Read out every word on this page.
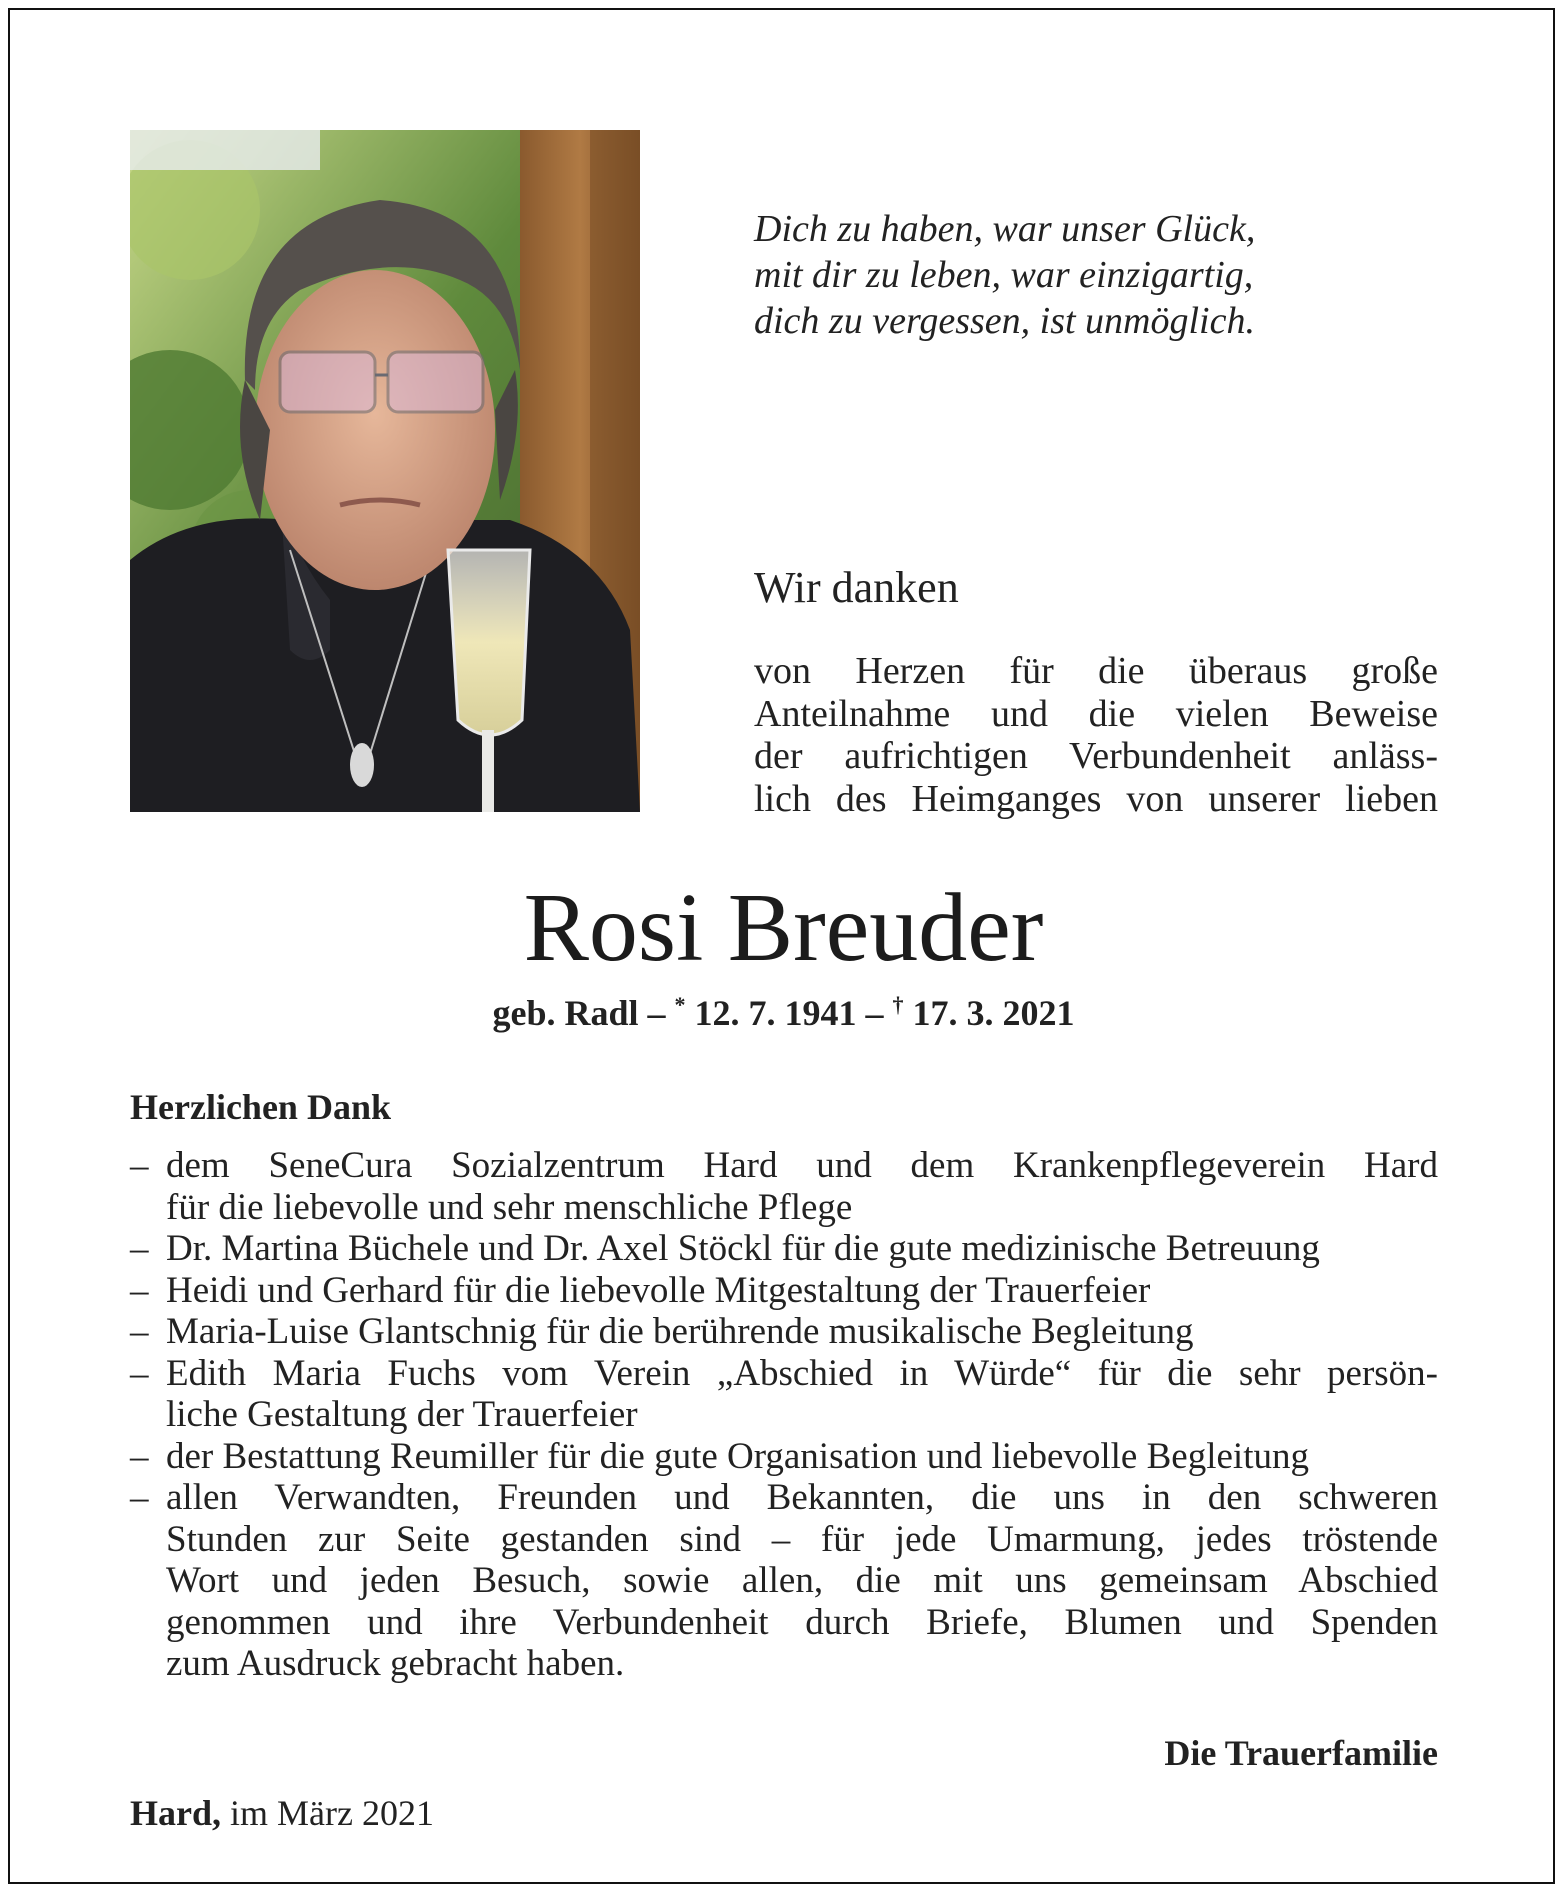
Dich zu haben, war unser Glück,
mit dir zu leben, war einzigartig,
dich zu vergessen, ist unmöglich.
Wir danken
von Herzen für die überaus große
Anteilnahme und die vielen Beweise
der aufrichtigen Verbundenheit anläss-
lich des Heimganges von unserer lieben
Rosi Breuder
geb. Radl – * 12. 7. 1941 – † 17. 3. 2021
Herzlichen Dank
– dem SeneCura Sozialzentrum Hard und dem Krankenpflegeverein Hard
für die liebevolle und sehr menschliche Pflege
– Dr. Martina Büchele und Dr. Axel Stöckl für die gute medizinische Betreuung
– Heidi und Gerhard für die liebevolle Mitgestaltung der Trauerfeier
– Maria-Luise Glantschnig für die berührende musikalische Begleitung
– Edith Maria Fuchs vom Verein „Abschied in Würde“ für die sehr persön-
liche Gestaltung der Trauerfeier
– der Bestattung Reumiller für die gute Organisation und liebevolle Begleitung
– allen Verwandten, Freunden und Bekannten, die uns in den schweren
Stunden zur Seite gestanden sind – für jede Umarmung, jedes tröstende
Wort und jeden Besuch, sowie allen, die mit uns gemeinsam Abschied
genommen und ihre Verbundenheit durch Briefe, Blumen und Spenden
zum Ausdruck gebracht haben.
Die Trauerfamilie
Hard, im März 2021
